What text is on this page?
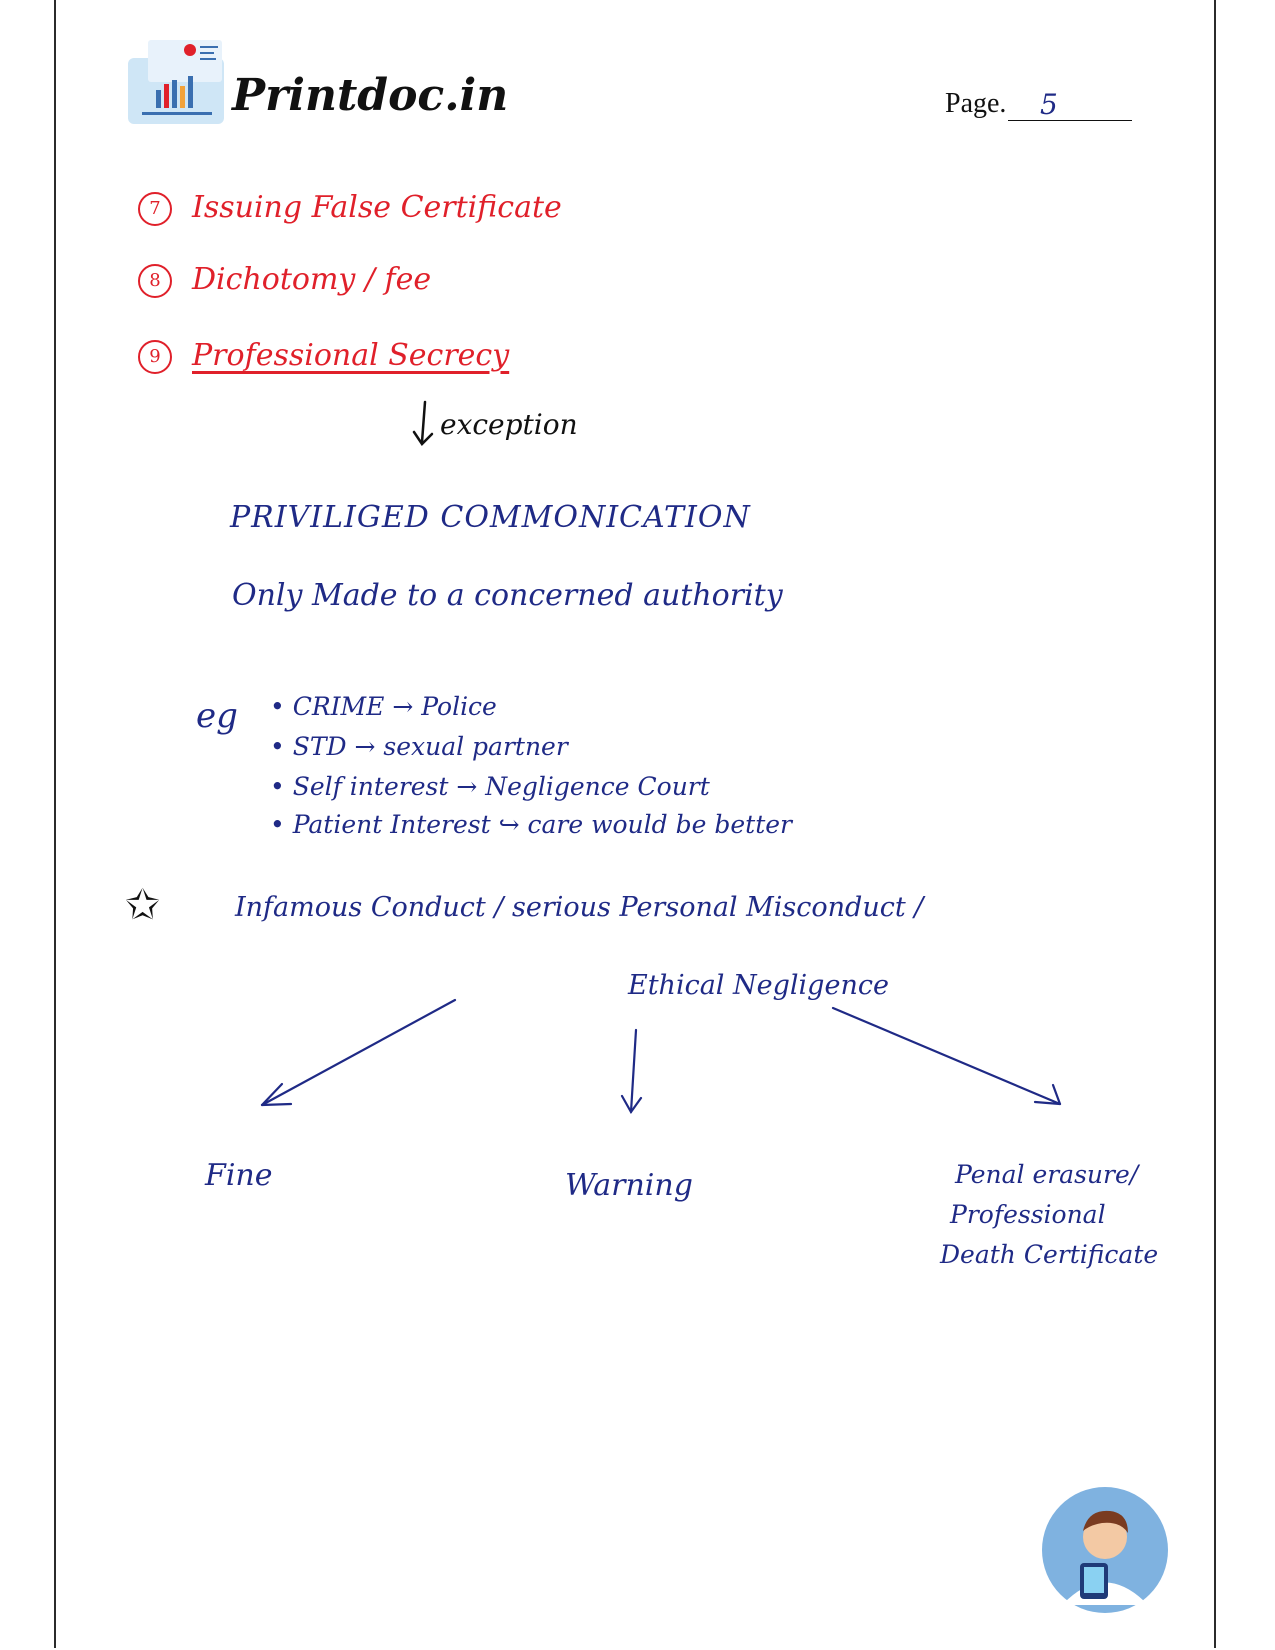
Printdoc.in	Page. 5
7 Issuing False Certificate
8 Dichotomy / fee
9 Professional Secrecy
exception
PRIVILIGED COMMONICATION
Only Made to a concerned authority
eg • CRIME → Police
• STD → sexual partner
• Self interest → Negligence Court
• Patient Interest ↪ care would be better
✩	Infamous Conduct / serious Personal Misconduct /
Ethical Negligence
Fine	Warning	Penal erasure/
Professional
Death Certificate
